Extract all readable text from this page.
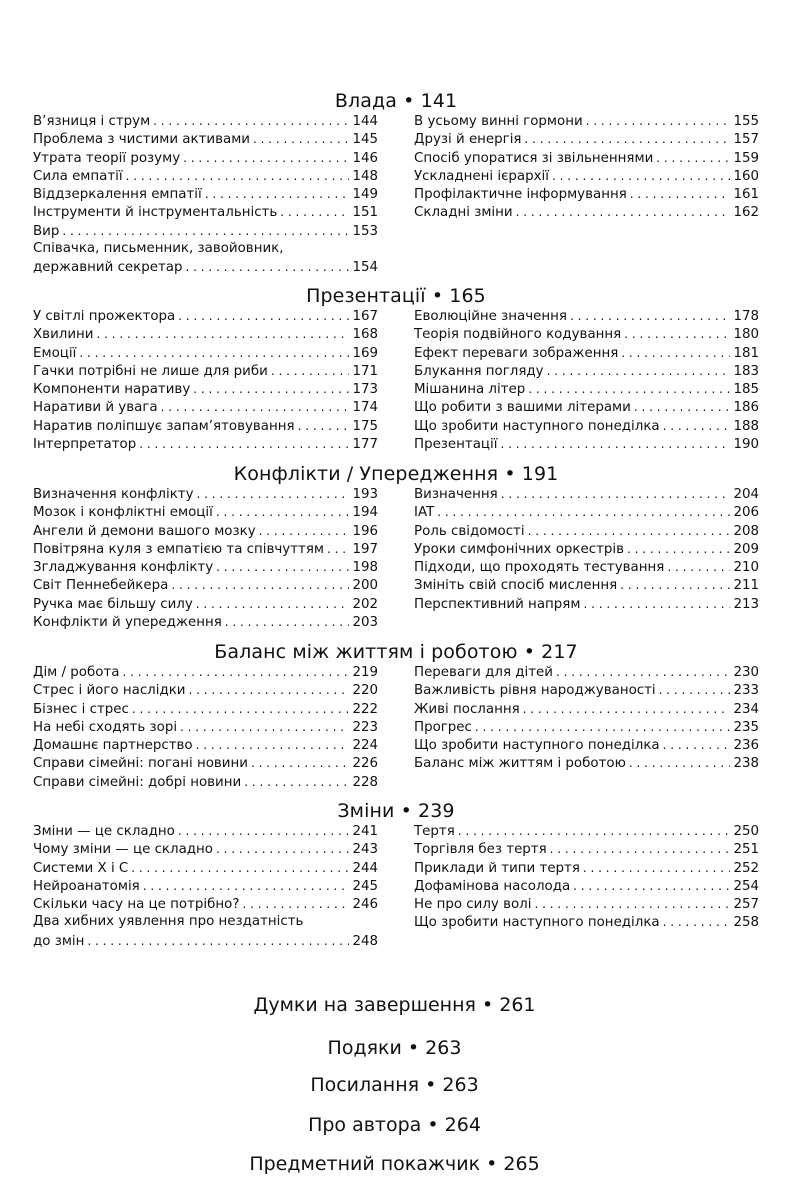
Влада • 141
В’язниця і струм . . .	144
Проблема з чистими активами . . .	145
Утрата теорії розуму . . .	146
Сила емпатії . . .	148
Віддзеркалення емпатії . . .	149
Інструменти й інструментальність . . .	151
Вир . . .	153
Співачка, письменник, завойовник,
державний секретар . . .	154
В усьому винні гормони . . .	155
Друзі й енергія . . .	157
Спосіб упоратися зі звільненнями . . .	159
Ускладнені ієрархії . . .	160
Профілактичне інформування . . .	161
Складні зміни . . .	162
Презентації • 165
У світлі прожектора . . .	167
Хвилини . . .	168
Емоції . . .	169
Гачки потрібні не лише для риби . . .	171
Компоненти наративу . . .	173
Наративи й увага . . .	174
Наратив поліпшує запам’ятовування . . .	175
Інтерпретатор . . .	177
Еволюційне значення . . .	178
Теорія подвійного кодування . . .	180
Ефект переваги зображення . . .	181
Блукання погляду . . .	183
Мішанина літер . . .	185
Що робити з вашими літерами . . .	186
Що зробити наступного понеділка . . .	188
Презентації . . .	190
Конфлікти / Упередження • 191
Визначення конфлікту . . .	193
Мозок і конфліктні емоції . . .	194
Ангели й демони вашого мозку . . .	196
Повітряна куля з емпатією та співчуттям . . . 197
Згладжування конфлікту . . .	198
Світ Пеннебейкера . . .	200
Ручка має більшу силу . . .	202
Конфлікти й упередження . . .	203
Визначення . . .	204
IAT . . .	206
Роль свідомості . . .	208
Уроки симфонічних оркестрів . . .	209
Підходи, що проходять тестування . . .	210
Змініть свій спосіб мислення . . .	211
Перспективний напрям . . .	213
Баланс між життям і роботою • 217
Дім / робота . . .	219
Стрес і його наслідки . . .	220
Бізнес і стрес . . .	222
На небі сходять зорі . . .	223
Домашнє партнерство . . .	224
Справи сімейні: погані новини . . .	226
Справи сімейні: добрі новини . . .	228
Переваги для дітей . . .	230
Важливість рівня народжуваності . . .	233
Живі послання . . .	234
Прогрес . . .	235
Що зробити наступного понеділка . . .	236
Баланс між життям і роботою . . .	238
Зміни • 239
Зміни — це складно . . .	241
Чому зміни — це складно . . .	243
Системи X і C . . .	244
Нейроанатомія . . .	245
Скільки часу на це потрібно? . . .	246
Два хибних уявлення про нездатність
до змін . . .	248
Тертя . . .	250
Торгівля без тертя . . .	251
Приклади й типи тертя . . .	252
Дофамінова насолода . . .	254
Не про силу волі . . .	257
Що зробити наступного понеділка . . .	258
Думки на завершення • 261
Подяки • 263
Посилання • 263
Про автора • 264
Предметний покажчик • 265
